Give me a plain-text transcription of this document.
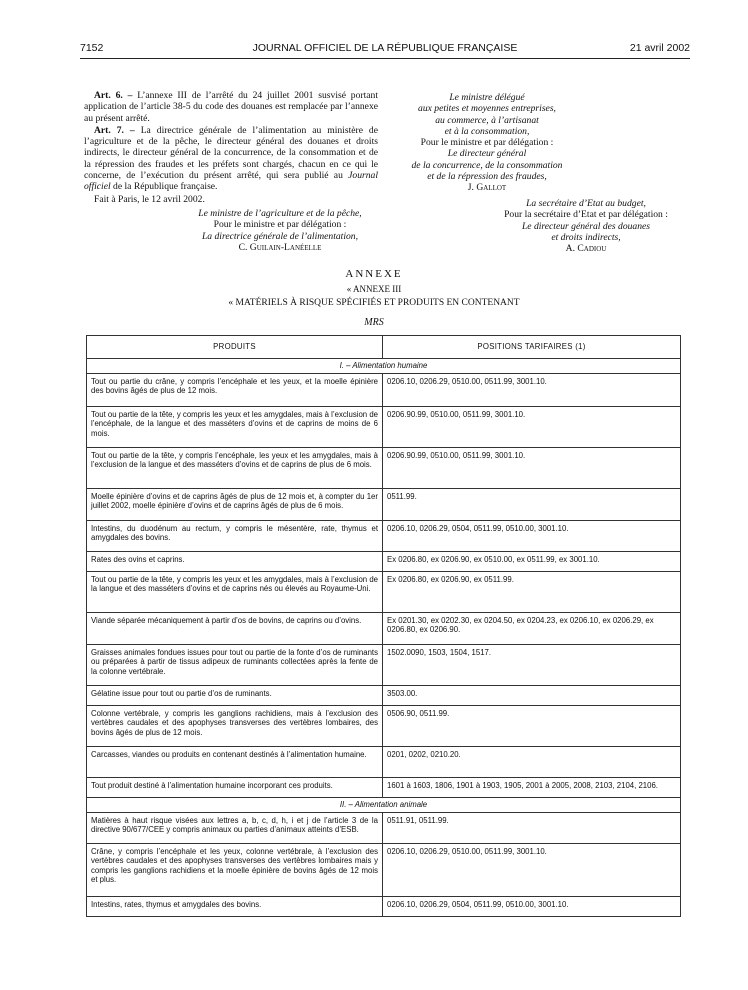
7152	JOURNAL OFFICIEL DE LA RÉPUBLIQUE FRANÇAISE	21 avril 2002

Art. 6. – L’annexe III de l’arrêté du 24 juillet 2001 susvisé portant application de l’article 38-5 du code des douanes est remplacée par l’annexe au présent arrêté.

Art. 7. – La directrice générale de l’alimentation au ministère de l’agriculture et de la pêche, le directeur général des douanes et droits indirects, le directeur général de la concurrence, de la consommation et de la répression des fraudes et les préfets sont chargés, chacun en ce qui le concerne, de l’exécution du présent arrêté, qui sera publié au Journal officiel de la République française.

Fait à Paris, le 12 avril 2002.

Le ministre de l’agriculture et de la pêche,
Pour le ministre et par délégation :
La directrice générale de l’alimentation,
C. Guilain-Lanéelle
Le ministre délégué
aux petites et moyennes entreprises,
au commerce, à l’artisanat
et à la consommation,
Pour le ministre et par délégation :
Le directeur général
de la concurrence, de la consommation
et de la répression des fraudes,
J. Gallot
La secrétaire d’Etat au budget,
Pour la secrétaire d’Etat et par délégation :
Le directeur général des douanes
et droits indirects,
A. Cadiou
ANNEXE
« ANNEXE III
« MATÉRIELS À RISQUE SPÉCIFIÉS ET PRODUITS EN CONTENANT
MRS
PRODUITS	POSITIONS TARIFAIRES (1)
I. – Alimentation humaine	
Tout ou partie du crâne, y compris l’encéphale et les yeux, et la moelle épinière des bovins âgés de plus de 12 mois.	0206.10, 0206.29, 0510.00, 0511.99, 3001.10.
Tout ou partie de la tête, y compris les yeux et les amygdales, mais à l’exclusion de l’encéphale, de la langue et des masséters d’ovins et de caprins de moins de 6 mois.	0206.90.99, 0510.00, 0511.99, 3001.10.
Tout ou partie de la tête, y compris l’encéphale, les yeux et les amygdales, mais à l’exclusion de la langue et des masséters d’ovins et de caprins de plus de 6 mois.	0206.90.99, 0510.00, 0511.99, 3001.10.
Moelle épinière d’ovins et de caprins âgés de plus de 12 mois et, à compter du 1er juillet 2002, moelle épinière d’ovins et de caprins âgés de plus de 6 mois.	0511.99.
Intestins, du duodénum au rectum, y compris le mésentère, rate, thymus et amygdales des bovins.	0206.10, 0206.29, 0504, 0511.99, 0510.00, 3001.10.
Rates des ovins et caprins.	Ex 0206.80, ex 0206.90, ex 0510.00, ex 0511.99, ex 3001.10.
Tout ou partie de la tête, y compris les yeux et les amygdales, mais à l’exclusion de la langue et des masséters d’ovins et de caprins nés ou élevés au Royaume-Uni.	Ex 0206.80, ex 0206.90, ex 0511.99.
Viande séparée mécaniquement à partir d’os de bovins, de caprins ou d’ovins.	Ex 0201.30, ex 0202.30, ex 0204.50, ex 0204.23, ex 0206.10, ex 0206.29, ex 0206.80, ex 0206.90.
Graisses animales fondues issues pour tout ou partie de la fonte d’os de ruminants ou préparées à partir de tissus adipeux de ruminants collectées après la fente de la colonne vertébrale.	1502.0090, 1503, 1504, 1517.
Gélatine issue pour tout ou partie d’os de ruminants.	3503.00.
Colonne vertébrale, y compris les ganglions rachidiens, mais à l’exclusion des vertèbres caudales et des apophyses transverses des vertèbres lombaires, des bovins âgés de plus de 12 mois.	0506.90, 0511.99.
Carcasses, viandes ou produits en contenant destinés à l’alimentation humaine.	0201, 0202, 0210.20.
Tout produit destiné à l’alimentation humaine incorporant ces produits.	1601 à 1603, 1806, 1901 à 1903, 1905, 2001 à 2005, 2008, 2103, 2104, 2106.
II. – Alimentation animale	
Matières à haut risque visées aux lettres a, b, c, d, h, i et j de l’article 3 de la directive 90/677/CEE y compris animaux ou parties d’animaux atteints d’ESB.	0511.91, 0511.99.
Crâne, y compris l’encéphale et les yeux, colonne vertébrale, à l’exclusion des vertèbres caudales et des apophyses transverses des vertèbres lombaires mais y compris les ganglions rachidiens et la moelle épinière de bovins âgés de 12 mois et plus.	0206.10, 0206.29, 0510.00, 0511.99, 3001.10.
Intestins, rates, thymus et amygdales des bovins.	0206.10, 0206.29, 0504, 0511.99, 0510.00, 3001.10.
